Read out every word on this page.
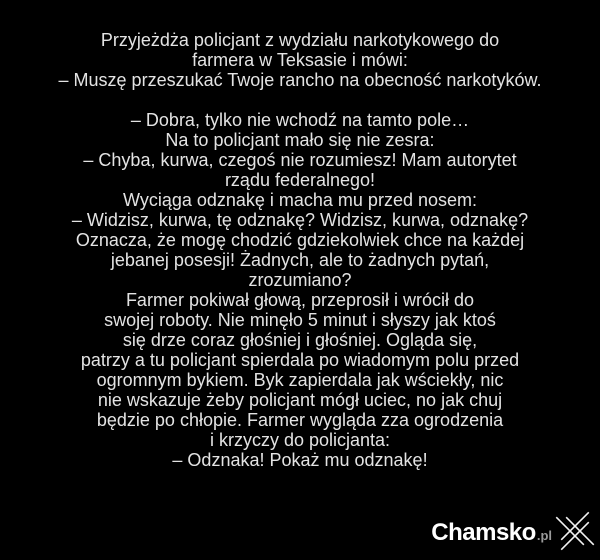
Przyjeżdża policjant z wydziału narkotykowego do
farmera w Teksasie i mówi:
– Muszę przeszukać Twoje rancho na obecność narkotyków.
– Dobra, tylko nie wchodź na tamto pole…
Na to policjant mało się nie zesra:
– Chyba, kurwa, czegoś nie rozumiesz! Mam autorytet
rządu federalnego!
Wyciąga odznakę i macha mu przed nosem:
– Widzisz, kurwa, tę odznakę? Widzisz, kurwa, odznakę?
Oznacza, że mogę chodzić gdziekolwiek chce na każdej
jebanej posesji! Żadnych, ale to żadnych pytań,
zrozumiano?
Farmer pokiwał głową, przeprosił i wrócił do
swojej roboty. Nie minęło 5 minut i słyszy jak ktoś
się drze coraz głośniej i głośniej. Ogląda się,
patrzy a tu policjant spierdala po wiadomym polu przed
ogromnym bykiem. Byk zapierdala jak wściekły, nic
nie wskazuje żeby policjant mógł uciec, no jak chuj
będzie po chłopie. Farmer wygląda zza ogrodzenia
i krzyczy do policjanta:
– Odznaka! Pokaż mu odznakę!
Chamsko .pl
